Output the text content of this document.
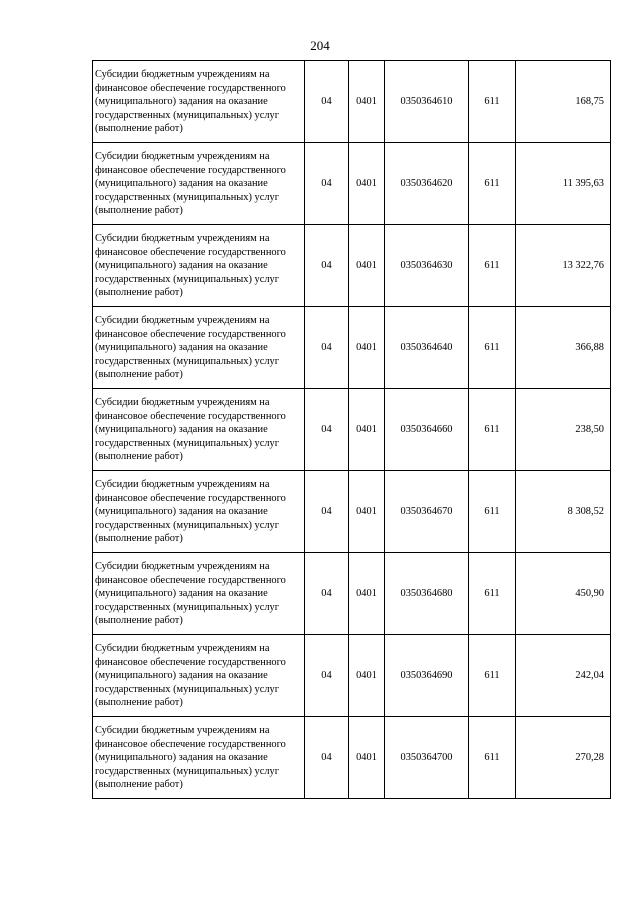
204
Субсидии бюджетным учреждениям на финансовое обеспечение государственного (муниципального) задания на оказание государственных (муниципальных) услуг (выполнение работ)	04	0401	0350364610	611	168,75
Субсидии бюджетным учреждениям на финансовое обеспечение государственного (муниципального) задания на оказание государственных (муниципальных) услуг (выполнение работ)	04	0401	0350364620	611	11 395,63
Субсидии бюджетным учреждениям на финансовое обеспечение государственного (муниципального) задания на оказание государственных (муниципальных) услуг (выполнение работ)	04	0401	0350364630	611	13 322,76
Субсидии бюджетным учреждениям на финансовое обеспечение государственного (муниципального) задания на оказание государственных (муниципальных) услуг (выполнение работ)	04	0401	0350364640	611	366,88
Субсидии бюджетным учреждениям на финансовое обеспечение государственного (муниципального) задания на оказание государственных (муниципальных) услуг (выполнение работ)	04	0401	0350364660	611	238,50
Субсидии бюджетным учреждениям на финансовое обеспечение государственного (муниципального) задания на оказание государственных (муниципальных) услуг (выполнение работ)	04	0401	0350364670	611	8 308,52
Субсидии бюджетным учреждениям на финансовое обеспечение государственного (муниципального) задания на оказание государственных (муниципальных) услуг (выполнение работ)	04	0401	0350364680	611	450,90
Субсидии бюджетным учреждениям на финансовое обеспечение государственного (муниципального) задания на оказание государственных (муниципальных) услуг (выполнение работ)	04	0401	0350364690	611	242,04
Субсидии бюджетным учреждениям на финансовое обеспечение государственного (муниципального) задания на оказание государственных (муниципальных) услуг (выполнение работ)	04	0401	0350364700	611	270,28
